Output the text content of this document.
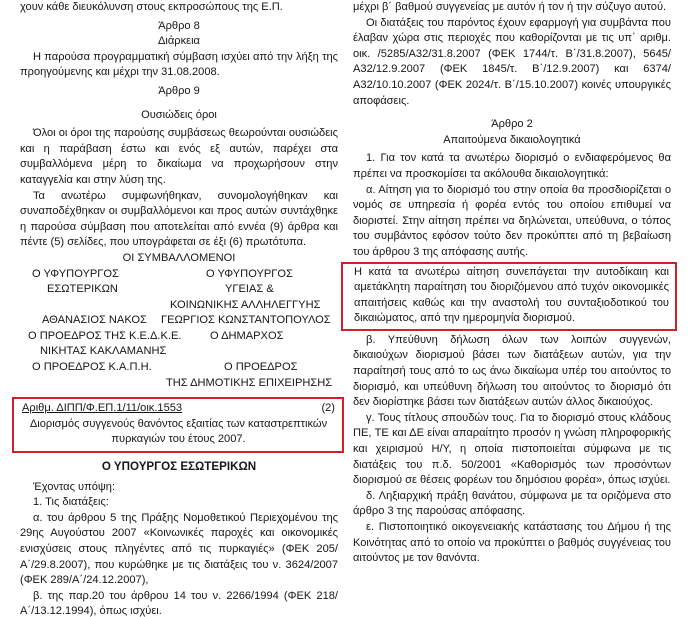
χουν κάθε διευκόλυνση στους εκπροσώπους της Ε.Π.

Άρθρο 8

Διάρκεια

Η παρούσα προγραμματική σύμβαση ισχύει από την λήξη της προηγούμενης και μέχρι την 31.08.2008.

Άρθρο 9

Ουσιώδεις όροι

Όλοι οι όροι της παρούσης συμβάσεως θεωρούνται ουσιώδεις και η παράβαση έστω και ενός εξ αυτών, παρέχει στα συμβαλλόμενα μέρη το δικαίωμα να προχωρήσουν στην καταγγελία και στην λύση της.

Τα ανωτέρω συμφωνήθηκαν, συνομολογήθηκαν και συναποδέχθηκαν οι συμβαλλόμενοι και προς αυτών συντάχθηκε η παρούσα σύμβαση που αποτελείται από εννέα (9) άρθρα και πέντε (5) σελίδες, που υπογράφεται σε έξι (6) πρωτότυπα.

ΟΙ ΣΥΜΒΑΛΛΟΜΕΝΟΙ

Ο ΥΦΥΠΟΥΡΓΟΣ	Ο ΥΦΥΠΟΥΡΓΟΣ
ΕΣΩΤΕΡΙΚΩΝ	ΥΓΕΙΑΣ &
ΚΟΙΝΩΝΙΚΗΣ ΑΛΛΗΛΕΓΓΥΗΣ
ΑΘΑΝΑΣΙΟΣ ΝΑΚΟΣ ΓΕΩΡΓΙΟΣ ΚΩΝΣΤΑΝΤΟΠΟΥΛΟΣ
Ο ΠΡΟΕΔΡΟΣ ΤΗΣ Κ.Ε.Δ.Κ.Ε.	Ο ΔΗΜΑΡΧΟΣ
ΝΙΚΗΤΑΣ ΚΑΚΛΑΜΑΝΗΣ
Ο ΠΡΟΕΔΡΟΣ Κ.Α.Π.Η.	Ο ΠΡΟΕΔΡΟΣ
ΤΗΣ ΔΗΜΟΤΙΚΗΣ ΕΠΙΧΕΙΡΗΣΗΣ
Αριθμ. ΔΙΠΠ/Φ.ΕΠ.1/11/οικ.1553	(2)

Διορισμός συγγενούς θανόντος εξαιτίας των καταστρεπτικών πυρκαγιών του έτους 2007.

Ο ΥΠΟΥΡΓΟΣ ΕΣΩΤΕΡΙΚΩΝ

Έχοντας υπόψη:

1. Τις διατάξεις:

α. του άρθρου 5 της Πράξης Νομοθετικού Περιεχομένου της 29ης Αυγούστου 2007 «Κοινωνικές παροχές και οικονομικές ενισχύσεις στους πληγέντες από τις πυρκαγιές» (ΦΕΚ 205/Α΄/29.8.2007), που κυρώθηκε με τις διατάξεις του ν. 3624/2007 (ΦΕΚ 289/Α΄/24.12.2007),

β. της παρ.20 του άρθρου 14 του ν. 2266/1994 (ΦΕΚ 218/Α΄/13.12.1994), όπως ισχύει.

μέχρι β΄ βαθμού συγγενείας με αυτόν ή τον ή την σύζυγο αυτού.

Οι διατάξεις του παρόντος έχουν εφαρμογή για συμβάντα που έλαβαν χώρα στις περιοχές που καθορίζονται με τις υπ΄ αριθμ. οικ. /5285/Α32/31.8.2007 (ΦΕΚ 1744/τ. Β΄/31.8.2007), 5645/Α32/12.9.2007 (ΦΕΚ 1845/τ. Β΄/12.9.2007) και 6374/Α32/10.10.2007 (ΦΕΚ 2024/τ. Β΄/15.10.2007) κοινές υπουργικές αποφάσεις.

Άρθρο 2

Απαιτούμενα δικαιολογητικά

1. Για τον κατά τα ανωτέρω διορισμό ο ενδιαφερόμενος θα πρέπει να προσκομίσει τα ακόλουθα δικαιολογητικά:

α. Αίτηση για το διορισμό του στην οποία θα προσδιορίζεται ο νομός σε υπηρεσία ή φορέα εντός του οποίου επιθυμεί να διοριστεί. Στην αίτηση πρέπει να δηλώνεται, υπεύθυνα, ο τόπος του συμβάντος εφόσον τούτο δεν προκύπτει από τη βεβαίωση του άρθρου 3 της απόφασης αυτής.

Η κατά τα ανωτέρω αίτηση συνεπάγεται την αυτοδίκαιη και αμετάκλητη παραίτηση του διοριζόμενου από τυχόν οικονομικές απαιτήσεις καθώς και την αναστολή του συνταξιοδοτικού του δικαιώματος, από την ημερομηνία διορισμού.

β. Υπεύθυνη δήλωση όλων των λοιπών συγγενών, δικαιούχων διορισμού βάσει των διατάξεων αυτών, για την παραίτησή τους από το ως άνω δικαίωμα υπέρ του αιτούντος το διορισμό, και υπεύθυνη δήλωση του αιτούντος το διορισμό ότι δεν διορίστηκε βάσει των διατάξεων αυτών άλλος δικαιούχος.

γ. Τους τίτλους σπουδών τους. Για το διορισμό στους κλάδους ΠΕ, ΤΕ και ΔΕ είναι απαραίτητο προσόν η γνώση πληροφορικής και χειρισμού Η/Υ, η οποία πιστοποιείται σύμφωνα με τις διατάξεις του π.δ. 50/2001 «Καθορισμός των προσόντων διορισμού σε θέσεις φορέων του δημόσιου φορέα», όπως ισχύει.

δ. Ληξιαρχική πράξη θανάτου, σύμφωνα με τα οριζόμενα στο άρθρο 3 της παρούσας απόφασης.

ε. Πιστοποιητικό οικογενειακής κατάστασης του Δήμου ή της Κοινότητας από το οποίο να προκύπτει ο βαθμός συγγένειας του αιτούντος με τον θανόντα.
